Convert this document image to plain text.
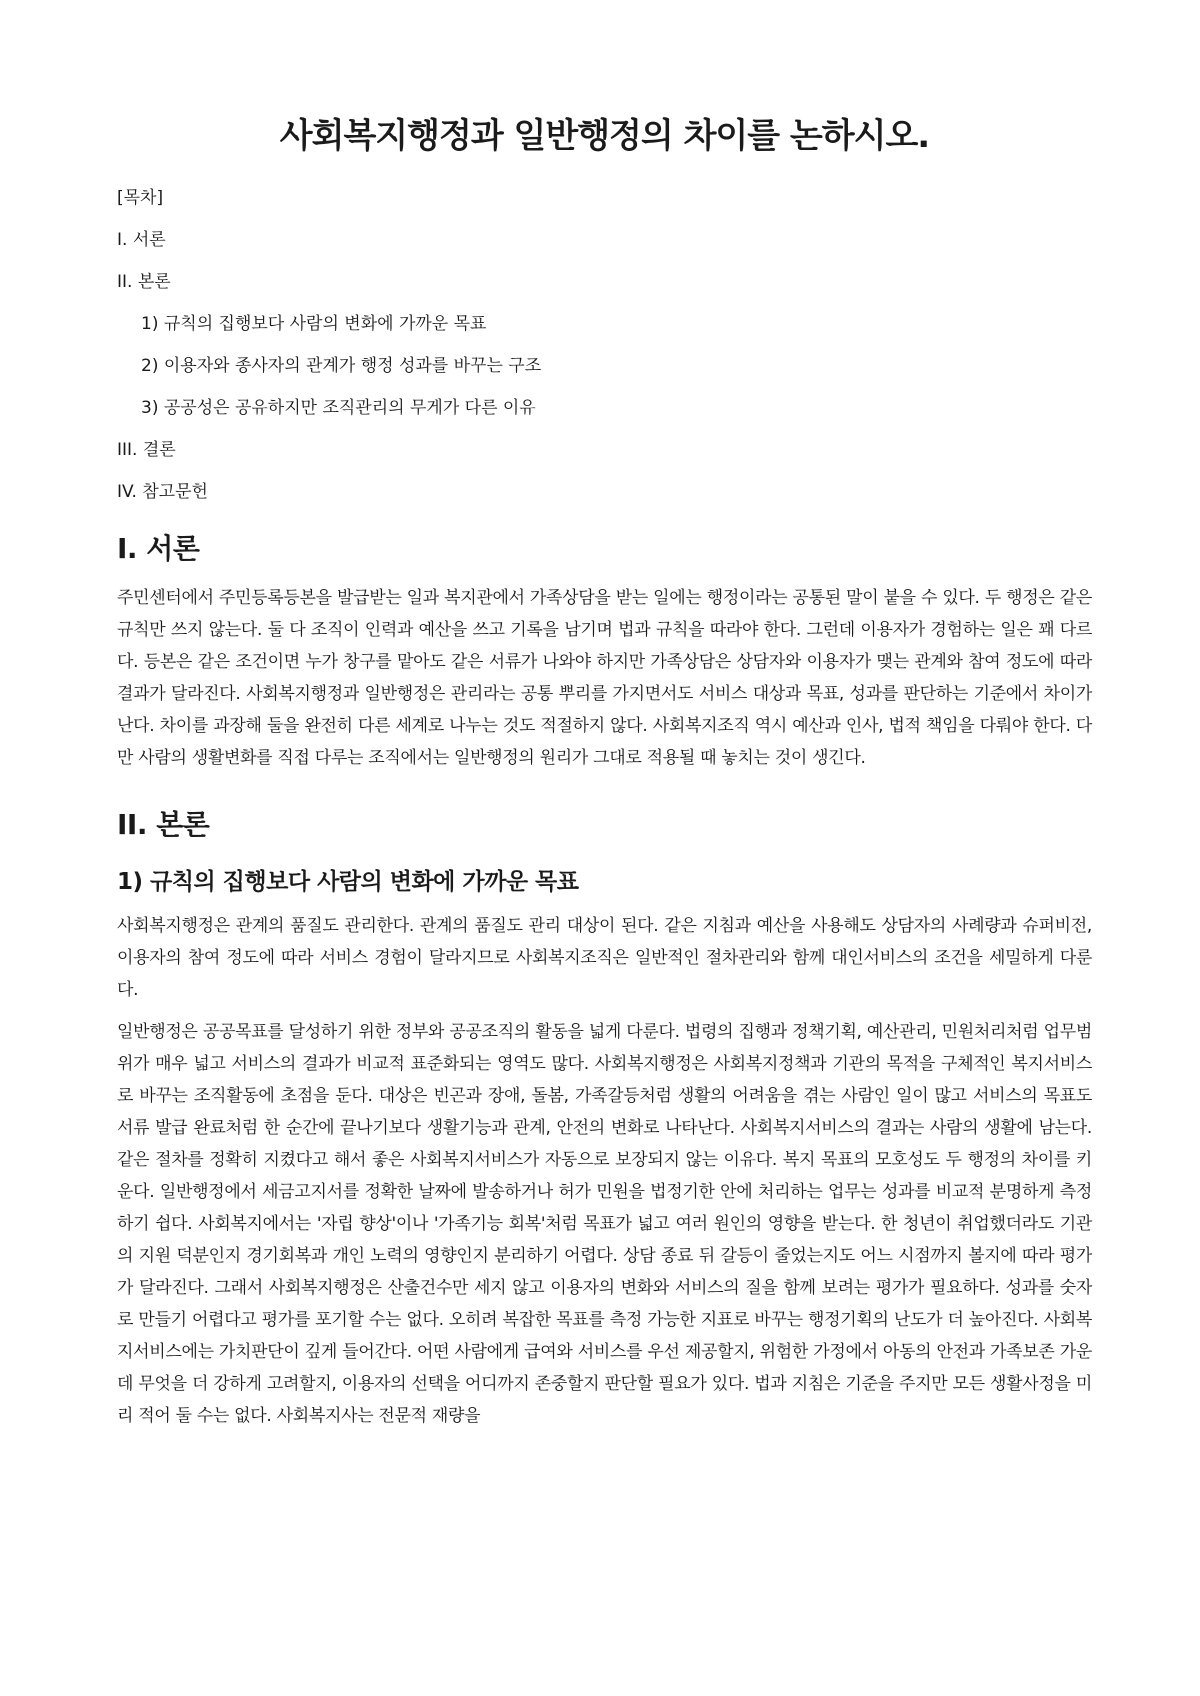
사회복지행정과 일반행정의 차이를 논하시오.
[목차]
I. 서론
II. 본론
1) 규칙의 집행보다 사람의 변화에 가까운 목표
2) 이용자와 종사자의 관계가 행정 성과를 바꾸는 구조
3) 공공성은 공유하지만 조직관리의 무게가 다른 이유
III. 결론
IV. 참고문헌
I. 서론

주민센터에서 주민등록등본을 발급받는 일과 복지관에서 가족상담을 받는 일에는 행정이라는 공통된 말이 붙을 수 있다. 두 행정은 같은 규칙만 쓰지 않는다. 둘 다 조직이 인력과 예산을 쓰고 기록을 남기며 법과 규칙을 따라야 한다. 그런데 이용자가 경험하는 일은 꽤 다르다. 등본은 같은 조건이면 누가 창구를 맡아도 같은 서류가 나와야 하지만 가족상담은 상담자와 이용자가 맺는 관계와 참여 정도에 따라 결과가 달라진다. 사회복지행정과 일반행정은 관리라는 공통 뿌리를 가지면서도 서비스 대상과 목표, 성과를 판단하는 기준에서 차이가 난다. 차이를 과장해 둘을 완전히 다른 세계로 나누는 것도 적절하지 않다. 사회복지조직 역시 예산과 인사, 법적 책임을 다뤄야 한다. 다만 사람의 생활변화를 직접 다루는 조직에서는 일반행정의 원리가 그대로 적용될 때 놓치는 것이 생긴다.

II. 본론
1) 규칙의 집행보다 사람의 변화에 가까운 목표

사회복지행정은 관계의 품질도 관리한다. 관계의 품질도 관리 대상이 된다. 같은 지침과 예산을 사용해도 상담자의 사례량과 슈퍼비전, 이용자의 참여 정도에 따라 서비스 경험이 달라지므로 사회복지조직은 일반적인 절차관리와 함께 대인서비스의 조건을 세밀하게 다룬다.

일반행정은 공공목표를 달성하기 위한 정부와 공공조직의 활동을 넓게 다룬다. 법령의 집행과 정책기획, 예산관리, 민원처리처럼 업무범위가 매우 넓고 서비스의 결과가 비교적 표준화되는 영역도 많다. 사회복지행정은 사회복지정책과 기관의 목적을 구체적인 복지서비스로 바꾸는 조직활동에 초점을 둔다. 대상은 빈곤과 장애, 돌봄, 가족갈등처럼 생활의 어려움을 겪는 사람인 일이 많고 서비스의 목표도 서류 발급 완료처럼 한 순간에 끝나기보다 생활기능과 관계, 안전의 변화로 나타난다. 사회복지서비스의 결과는 사람의 생활에 남는다. 같은 절차를 정확히 지켰다고 해서 좋은 사회복지서비스가 자동으로 보장되지 않는 이유다. 복지 목표의 모호성도 두 행정의 차이를 키운다. 일반행정에서 세금고지서를 정확한 날짜에 발송하거나 허가 민원을 법정기한 안에 처리하는 업무는 성과를 비교적 분명하게 측정하기 쉽다. 사회복지에서는 '자립 향상'이나 '가족기능 회복'처럼 목표가 넓고 여러 원인의 영향을 받는다. 한 청년이 취업했더라도 기관의 지원 덕분인지 경기회복과 개인 노력의 영향인지 분리하기 어렵다. 상담 종료 뒤 갈등이 줄었는지도 어느 시점까지 볼지에 따라 평가가 달라진다. 그래서 사회복지행정은 산출건수만 세지 않고 이용자의 변화와 서비스의 질을 함께 보려는 평가가 필요하다. 성과를 숫자로 만들기 어렵다고 평가를 포기할 수는 없다. 오히려 복잡한 목표를 측정 가능한 지표로 바꾸는 행정기획의 난도가 더 높아진다. 사회복지서비스에는 가치판단이 깊게 들어간다. 어떤 사람에게 급여와 서비스를 우선 제공할지, 위험한 가정에서 아동의 안전과 가족보존 가운데 무엇을 더 강하게 고려할지, 이용자의 선택을 어디까지 존중할지 판단할 필요가 있다. 법과 지침은 기준을 주지만 모든 생활사정을 미리 적어 둘 수는 없다. 사회복지사는 전문적 재량을
